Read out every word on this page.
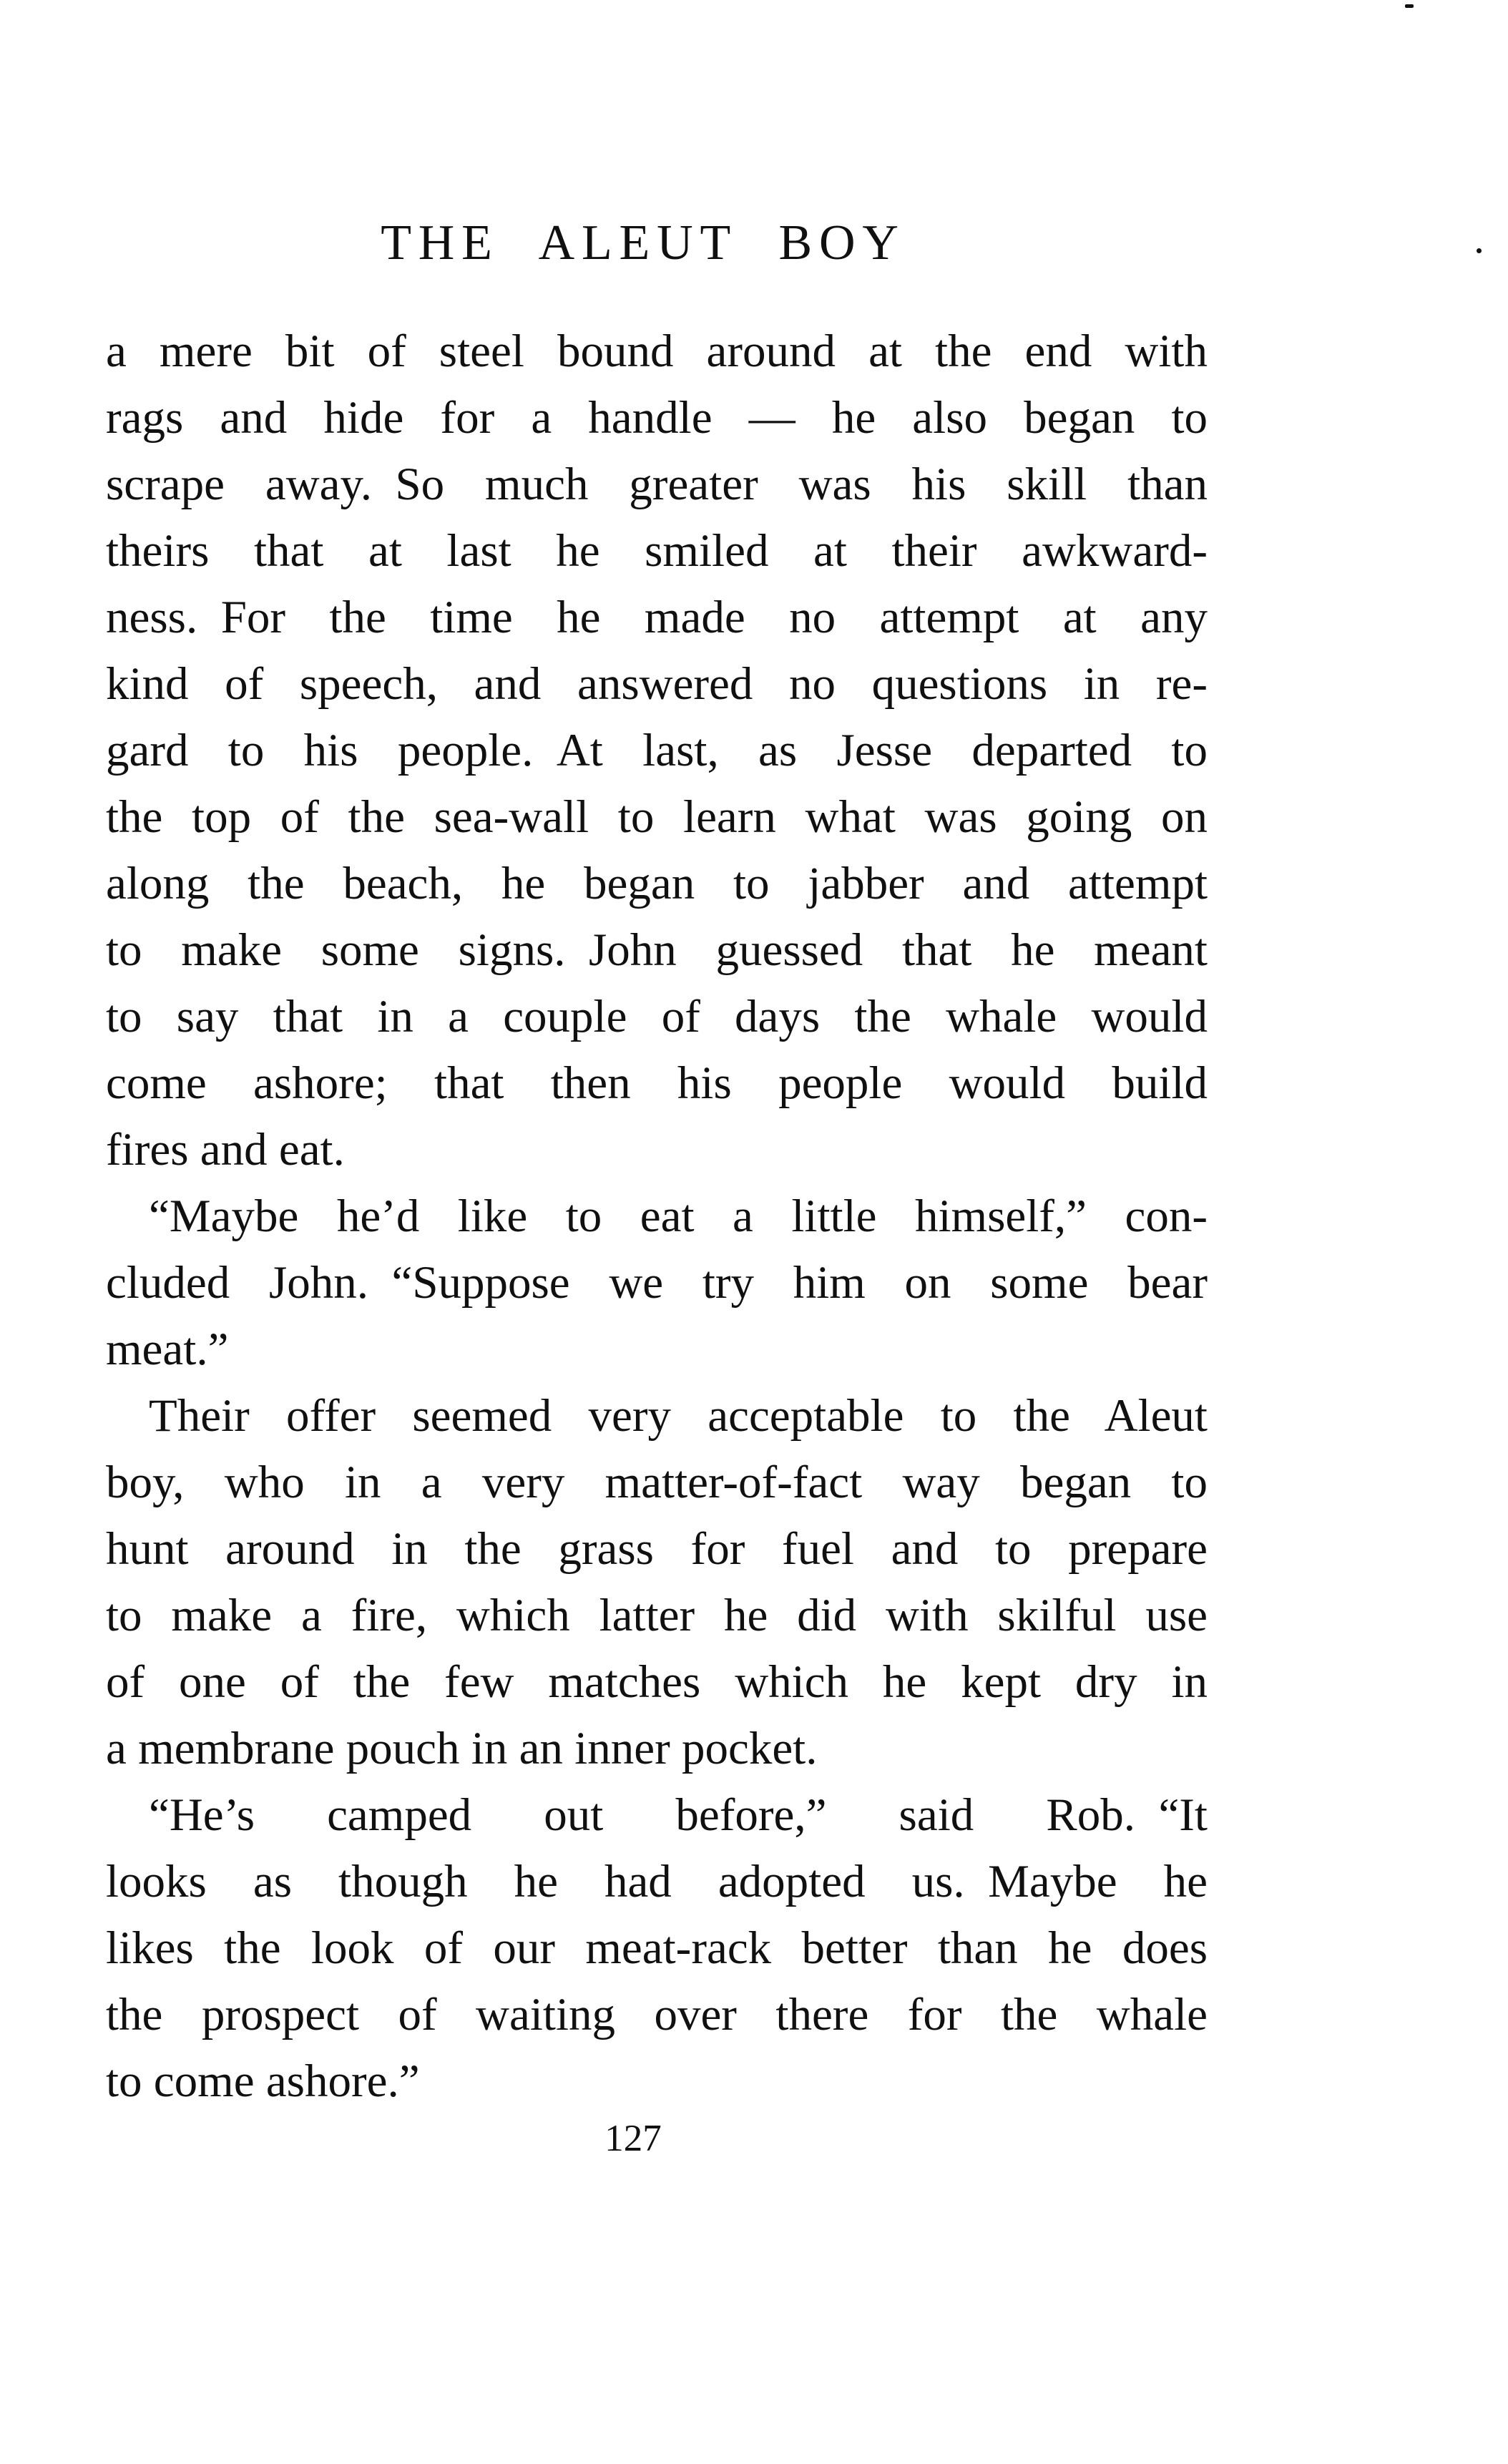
THE ALEUT BOY

a mere bit of steel bound around at the end with
rags and hide for a handle — he also began to
scrape away. So much greater was his skill than
theirs that at last he smiled at their awkward-
ness. For the time he made no attempt at any
kind of speech, and answered no questions in re-
gard to his people. At last, as Jesse departed to
the top of the sea-wall to learn what was going on
along the beach, he began to jabber and attempt
to make some signs. John guessed that he meant
to say that in a couple of days the whale would
come ashore; that then his people would build
fires and eat.

“Maybe he’d like to eat a little himself,” con-
cluded John. “Suppose we try him on some bear
meat.”

Their offer seemed very acceptable to the Aleut
boy, who in a very matter-of-fact way began to
hunt around in the grass for fuel and to prepare
to make a fire, which latter he did with skilful use
of one of the few matches which he kept dry in
a membrane pouch in an inner pocket.

“He’s camped out before,” said Rob. “It
looks as though he had adopted us. Maybe he
likes the look of our meat-rack better than he does
the prospect of waiting over there for the whale
to come ashore.”

127
